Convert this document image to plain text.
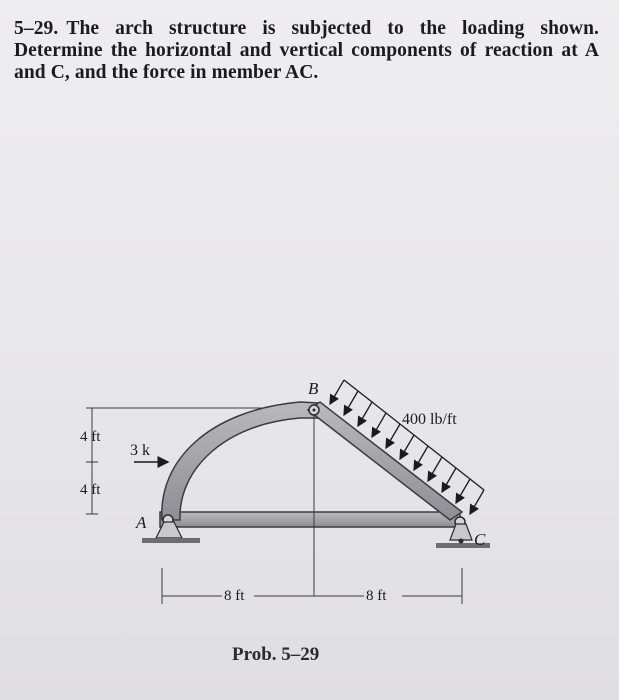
5–29. The arch structure is subjected to the loading shown. Determine the horizontal and vertical components of reaction at A and C, and the force in member AC.
B
A
C
3 k
400 lb/ft
4 ft
4 ft
8 ft	8 ft
Prob. 5–29
